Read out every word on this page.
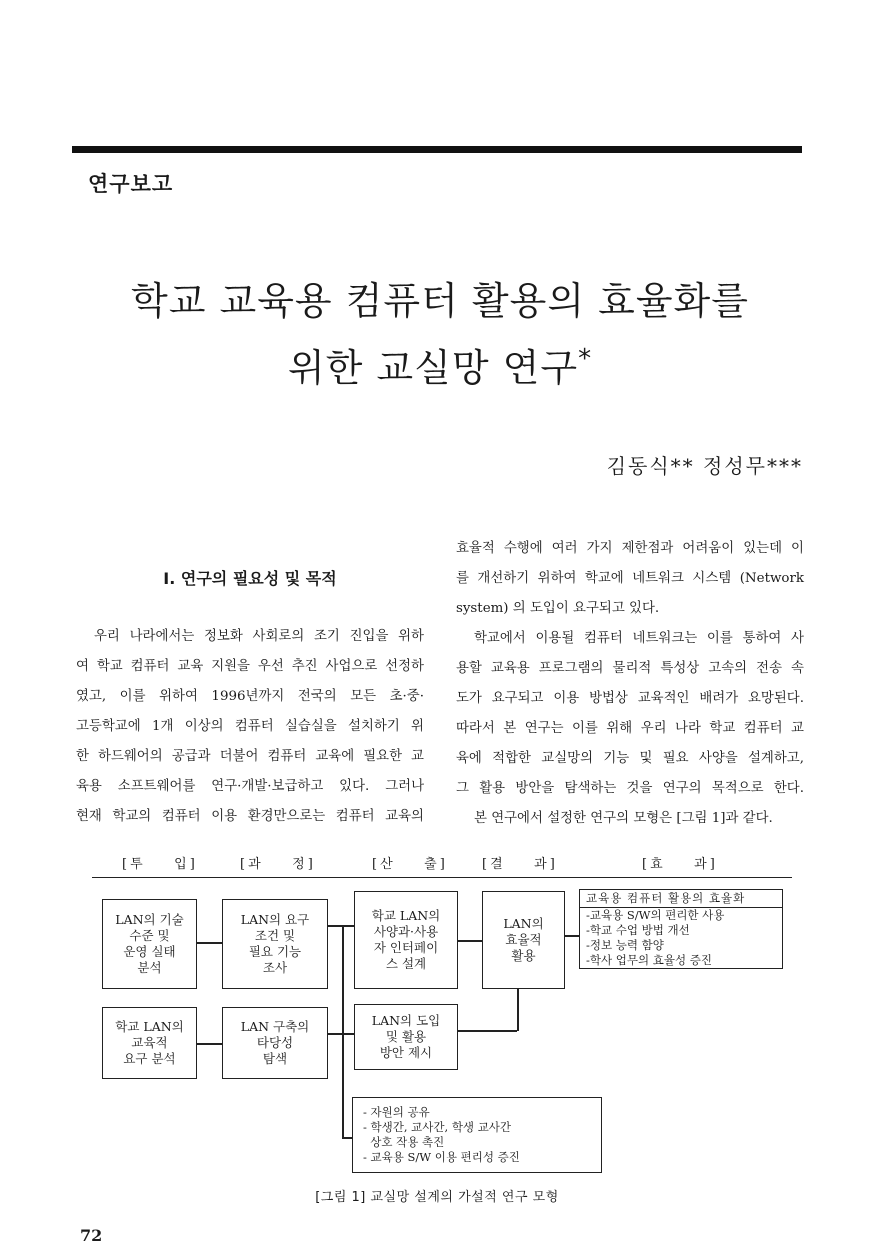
연구보고
학교 교육용 컴퓨터 활용의 효율화를
위한 교실망 연구*
김동식** 정성무***
I. 연구의 필요성 및 목적

우리 나라에서는 정보화 사회로의 조기 진입을 위하

여 학교 컴퓨터 교육 지원을 우선 추진 사업으로 선정하

였고, 이를 위하여 1996년까지 전국의 모든 초·중·

고등학교에 1개 이상의 컴퓨터 실습실을 설치하기 위

한 하드웨어의 공급과 더불어 컴퓨터 교육에 필요한 교

육용 소프트웨어를 연구·개발·보급하고 있다. 그러나

현재 학교의 컴퓨터 이용 환경만으로는 컴퓨터 교육의

효율적 수행에 여러 가지 제한점과 어려움이 있는데 이

를 개선하기 위하여 학교에 네트워크 시스템 (Network

system) 의 도입이 요구되고 있다.

학교에서 이용될 컴퓨터 네트워크는 이를 통하여 사

용할 교육용 프로그램의 물리적 특성상 고속의 전송 속

도가 요구되고 이용 방법상 교육적인 배려가 요망된다.

따라서 본 연구는 이를 위해 우리 나라 학교 컴퓨터 교

육에 적합한 교실망의 기능 및 필요 사양을 설계하고,

그 활용 방안을 탐색하는 것을 연구의 목적으로 한다.

본 연구에서 설정한 연구의 모형은 [그림 1]과 같다.

[투    입]	[과    정]	[산    출]	[결    과]	[효    과]
LAN의 기술
수준 및
운영 실태
분석
학교 LAN의
교육적
요구 분석
LAN의 요구
조건 및
필요 기능
조사
LAN 구축의
타당성
탐색
학교 LAN의
사양과·사용
자 인터페이
스 설계
LAN의 도입
및 활용
방안 제시
LAN의
효율적
활용
교육용 컴퓨터 활용의 효율화
-교육용 S/W의 편리한 사용
-학교 수업 방법 개선
-정보 능력 함양
-학사 업무의 효율성 증진
- 자원의 공유
- 학생간, 교사간, 학생 교사간
상호 작용 촉진
- 교육용 S/W 이용 편리성 증진
[그림 1] 교실망 설계의 가설적 연구 모형
72
